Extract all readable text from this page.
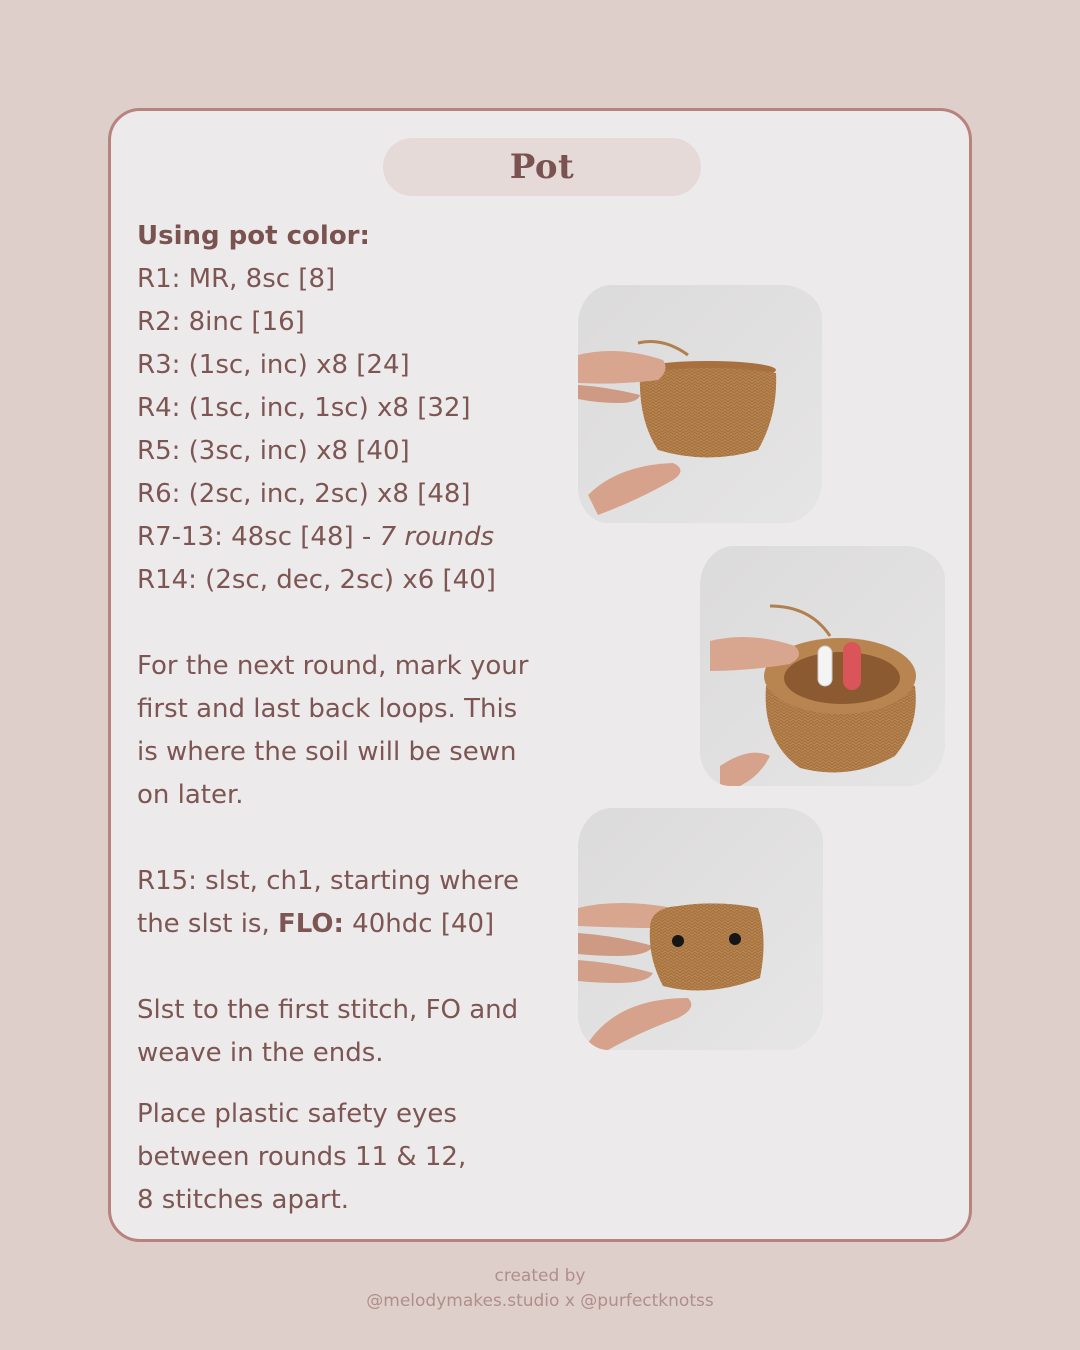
Pot
Using pot color:
R1: MR, 8sc [8]
R2: 8inc [16]
R3: (1sc, inc) x8 [24]
R4: (1sc, inc, 1sc) x8 [32]
R5: (3sc, inc) x8 [40]
R6: (2sc, inc, 2sc) x8 [48]
R7-13: 48sc [48] - 7 rounds
R14: (2sc, dec, 2sc) x6 [40]
For the next round, mark your
first and last back loops. This
is where the soil will be sewn
on later.
R15: slst, ch1, starting where
the slst is, FLO: 40hdc [40]
Slst to the first stitch, FO and
weave in the ends.
Place plastic safety eyes
between rounds 11 & 12,
8 stitches apart.
created by
@melodymakes.studio x @purfectknotss
